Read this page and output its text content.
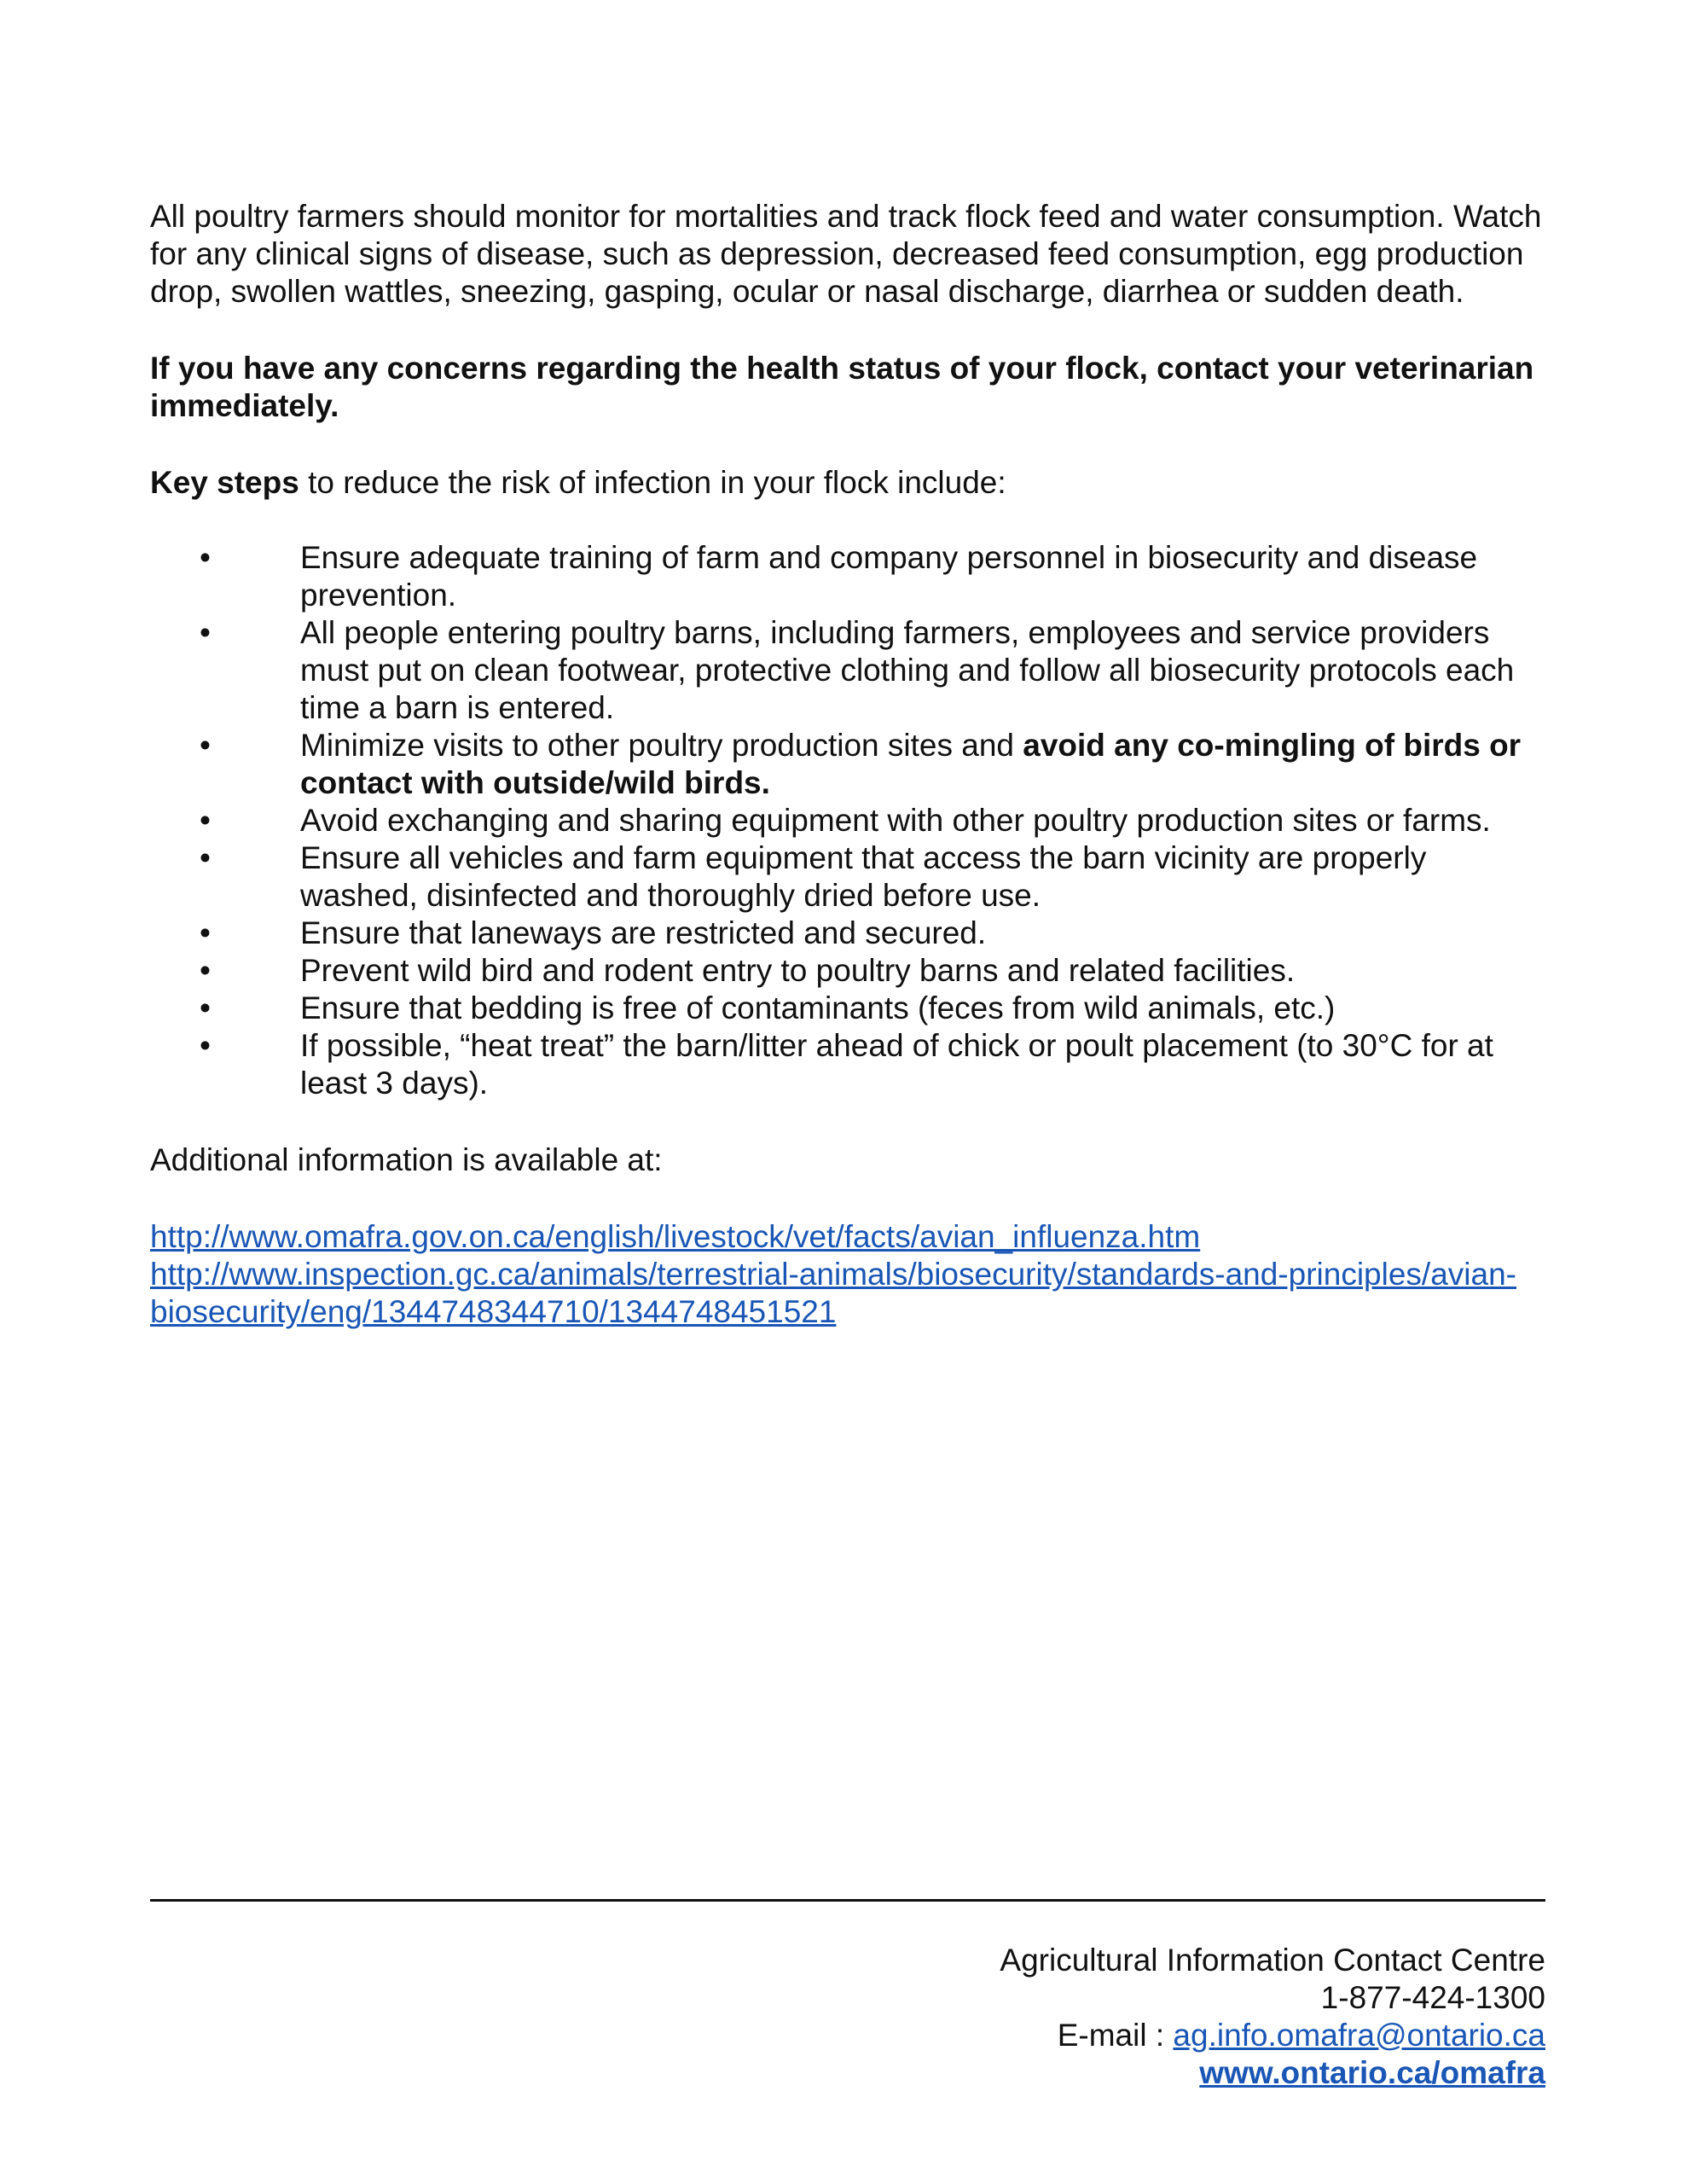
All poultry farmers should monitor for mortalities and track flock feed and water consumption. Watch for any clinical signs of disease, such as depression, decreased feed consumption, egg production drop, swollen wattles, sneezing, gasping, ocular or nasal discharge, diarrhea or sudden death.

If you have any concerns regarding the health status of your flock, contact your veterinarian immediately.

Key steps to reduce the risk of infection in your flock include:

•	Ensure adequate training of farm and company personnel in biosecurity and disease prevention.
•	All people entering poultry barns, including farmers, employees and service providers must put on clean footwear, protective clothing and follow all biosecurity protocols each time a barn is entered.
•	Minimize visits to other poultry production sites and avoid any co-mingling of birds or contact with outside/wild birds.
•	Avoid exchanging and sharing equipment with other poultry production sites or farms.
•	Ensure all vehicles and farm equipment that access the barn vicinity are properly washed, disinfected and thoroughly dried before use.
•	Ensure that laneways are restricted and secured.
•	Prevent wild bird and rodent entry to poultry barns and related facilities.
•	Ensure that bedding is free of contaminants (feces from wild animals, etc.)
•	If possible, “heat treat” the barn/litter ahead of chick or poult placement (to 30°C for at least 3 days).

Additional information is available at:

http://www.omafra.gov.on.ca/english/livestock/vet/facts/avian_influenza.htm
http://www.inspection.gc.ca/animals/terrestrial-animals/biosecurity/standards-and-principles/avian-biosecurity/eng/1344748344710/1344748451521
Agricultural Information Contact Centre
1-877-424-1300
E-mail : ag.info.omafra@ontario.ca
www.ontario.ca/omafra
